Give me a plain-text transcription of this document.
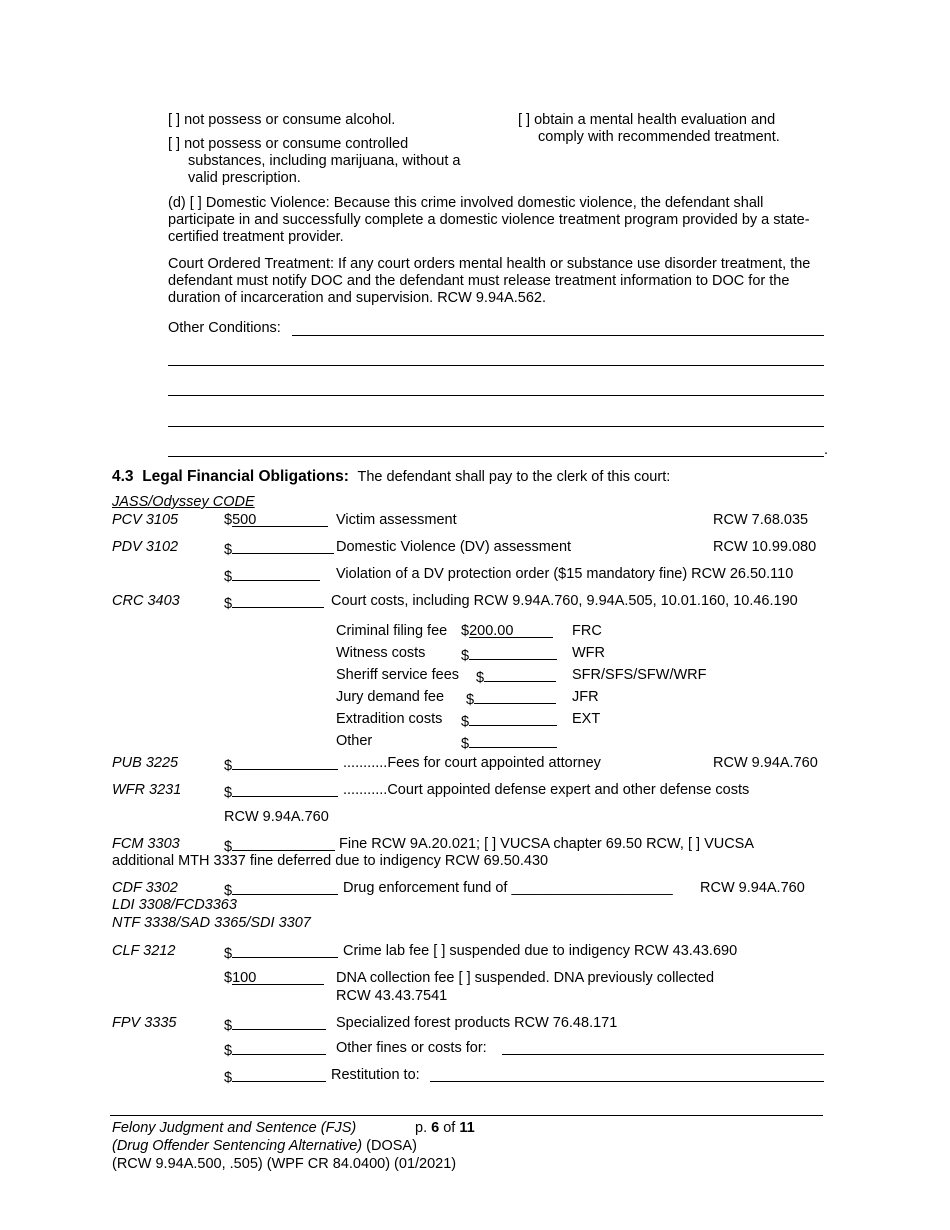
[ ] not possess or consume alcohol.	[ ] obtain a mental health evaluation and comply with recommended treatment.
[ ] not possess or consume controlled substances, including marijuana, without a valid prescription.
(d) [ ] Domestic Violence: Because this crime involved domestic violence, the defendant shall participate in and successfully complete a domestic violence treatment program provided by a state-certified treatment provider.
Court Ordered Treatment: If any court orders mental health or substance use disorder treatment, the defendant must notify DOC and the defendant must release treatment information to DOC for the duration of incarceration and supervision. RCW 9.94A.562.
Other Conditions:
.
4.3 Legal Financial Obligations: The defendant shall pay to the clerk of this court:
JASS/Odyssey CODE
PCV 3105	$500	Victim assessment	RCW 7.68.035
PDV 3102	$	Domestic Violence (DV) assessment	RCW 10.99.080
$	Violation of a DV protection order ($15 mandatory fine) RCW 26.50.110
CRC 3403	$	Court costs, including RCW 9.94A.760, 9.94A.505, 10.01.160, 10.46.190
Criminal filing fee $200.00	FRC
Witness costs $	WFR
Sheriff service fees $	SFR/SFS/SFW/WRF
Jury demand fee $	JFR
Extradition costs $	EXT
Other	$
PUB 3225	$	...........Fees for court appointed attorney	RCW 9.94A.760
WFR 3231	$	...........Court appointed defense expert and other defense costs
RCW 9.94A.760
FCM 3303	$	Fine RCW 9A.20.021; [ ] VUCSA chapter 69.50 RCW, [ ] VUCSA
additional MTH 3337 fine deferred due to indigency RCW 69.50.430
CDF 3302	$	Drug enforcement fund of ____________________ RCW 9.94A.760
LDI 3308/FCD3363
NTF 3338/SAD 3365/SDI 3307
CLF 3212	$	Crime lab fee [ ] suspended due to indigency RCW 43.43.690
$100	DNA collection fee [ ] suspended. DNA previously collected
RCW 43.43.7541
FPV 3335	$	Specialized forest products RCW 76.48.171
$	Other fines or costs for:
$	Restitution to:
Felony Judgment and Sentence (FJS)	p. 6 of 11
(Drug Offender Sentencing Alternative) (DOSA)
(RCW 9.94A.500, .505) (WPF CR 84.0400) (01/2021)
